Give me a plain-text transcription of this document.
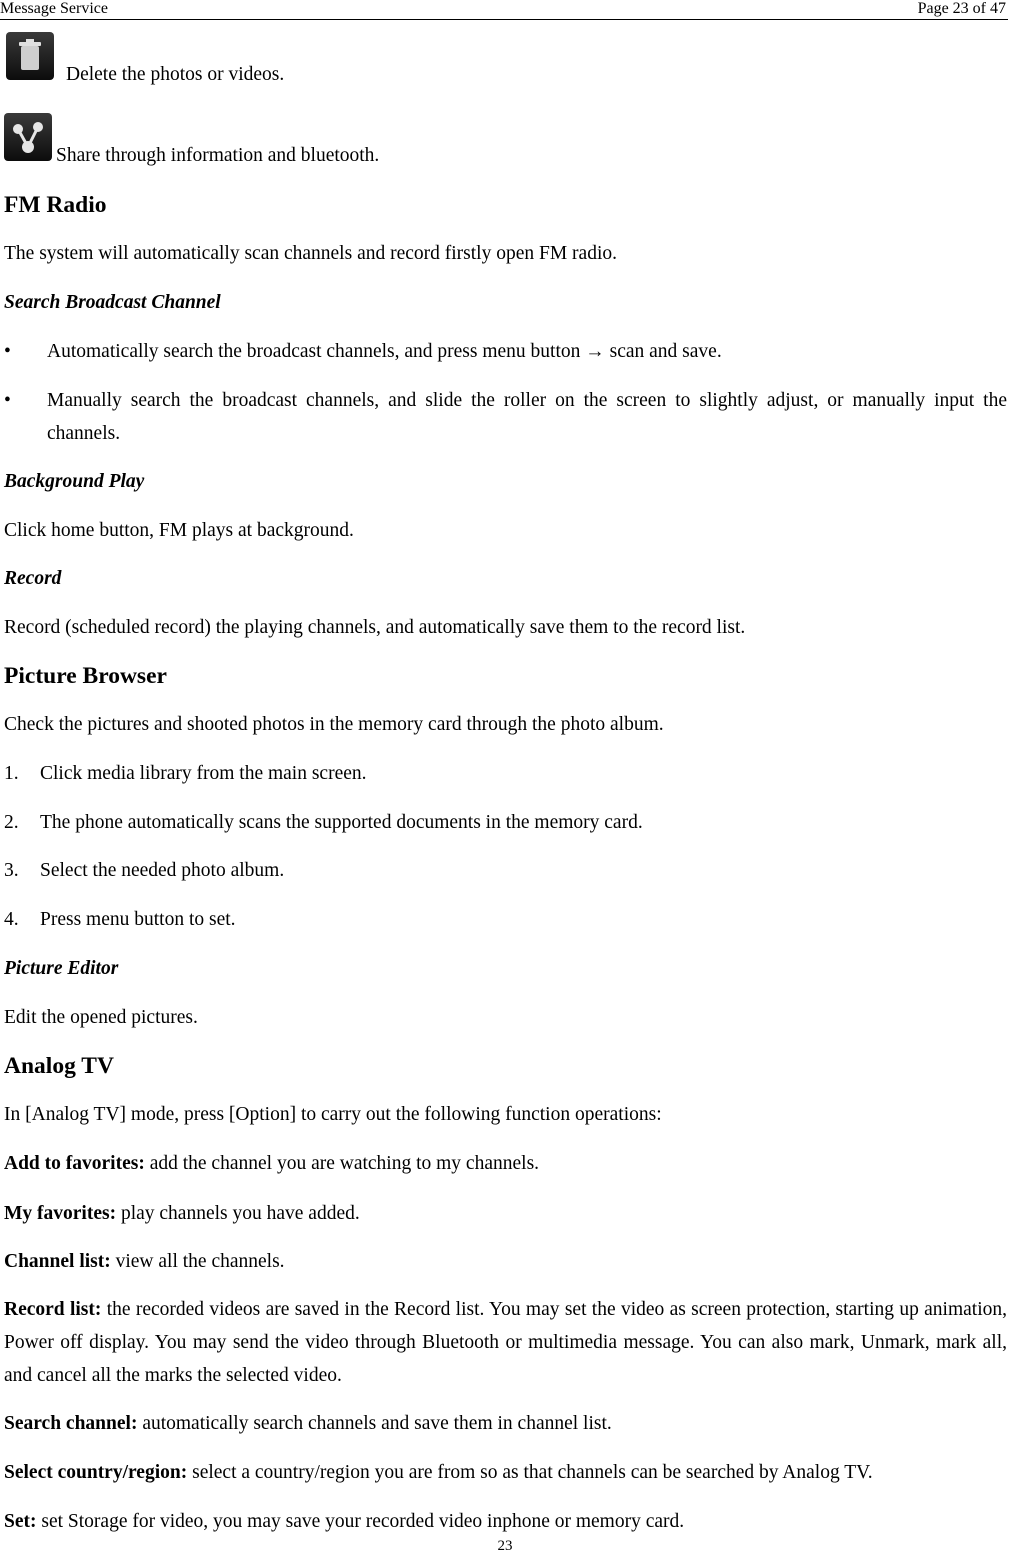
Message Service	Page 23 of 47
Delete the photos or videos.
Share through information and bluetooth.
FM Radio
The system will automatically scan channels and record firstly open FM radio.
Search Broadcast Channel
• Automatically search the broadcast channels, and press menu button → scan and save.
• Manually search the broadcast channels, and slide the roller on the screen to slightly adjust, or manually input the channels.
Background Play
Click home button, FM plays at background.
Record
Record (scheduled record) the playing channels, and automatically save them to the record list.
Picture Browser
Check the pictures and shooted photos in the memory card through the photo album.
1. Click media library from the main screen.
2. The phone automatically scans the supported documents in the memory card.
3. Select the needed photo album.
4. Press menu button to set.
Picture Editor
Edit the opened pictures.
Analog TV
In [Analog TV] mode, press [Option] to carry out the following function operations:
Add to favorites: add the channel you are watching to my channels.
My favorites: play channels you have added.
Channel list: view all the channels.
Record list: the recorded videos are saved in the Record list. You may set the video as screen protection, starting up animation, Power off display. You may send the video through Bluetooth or multimedia message. You can also mark, Unmark, mark all, and cancel all the marks the selected video.
Search channel: automatically search channels and save them in channel list.
Select country/region: select a country/region you are from so as that channels can be searched by Analog TV.
Set: set Storage for video, you may save your recorded video inphone or memory card.
23
